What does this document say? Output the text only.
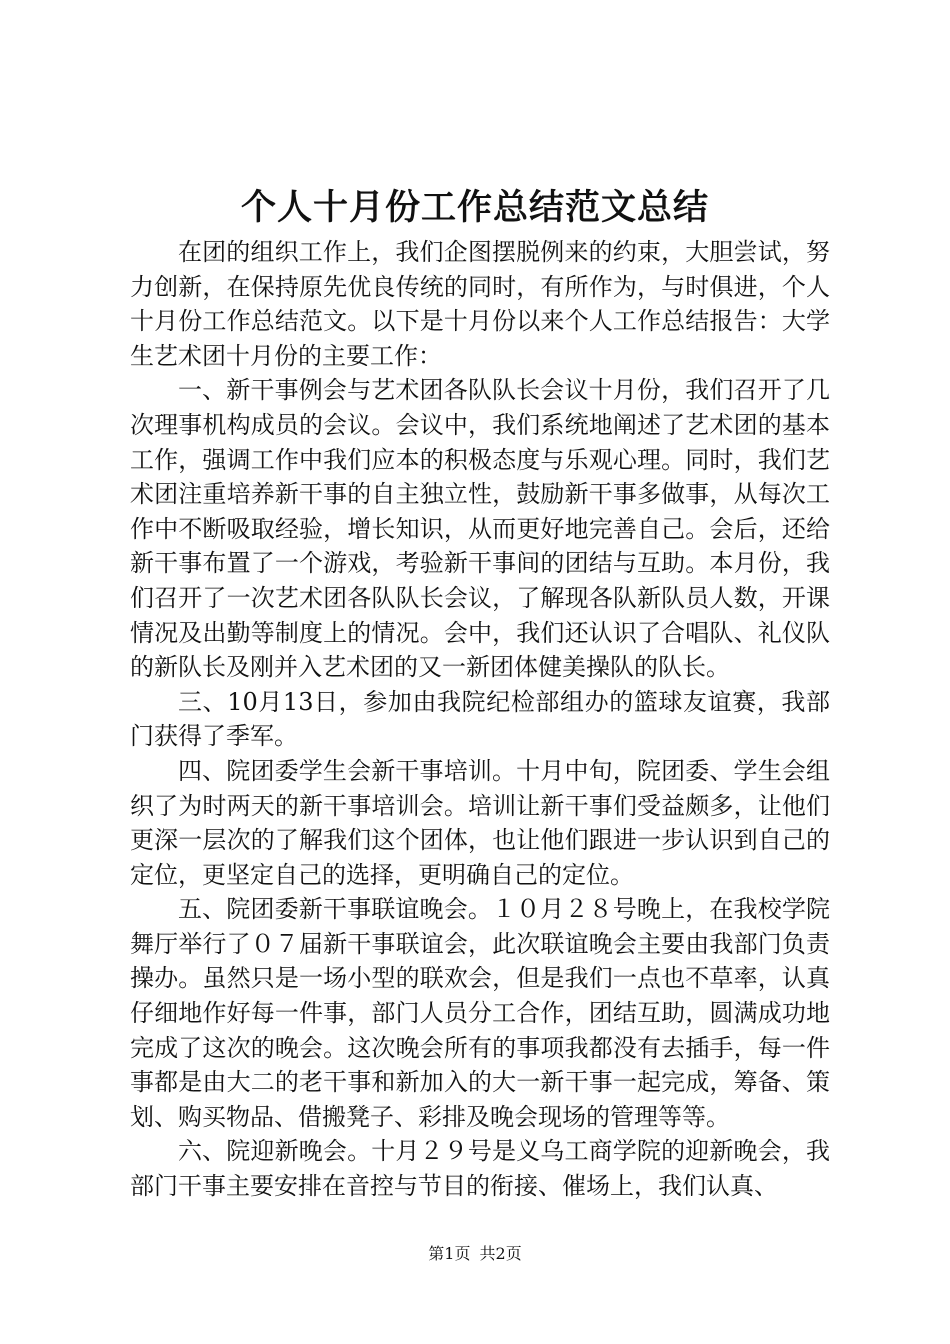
个人十月份工作总结范文总结

在团的组织工作上，我们企图摆脱例来的约束，大胆尝试，努力创新，在保持原先优良传统的同时，有所作为，与时俱进，个人十月份工作总结范文。以下是十月份以来个人工作总结报告：大学生艺术团十月份的主要工作：

一、新干事例会与艺术团各队队长会议十月份，我们召开了几次理事机构成员的会议。会议中，我们系统地阐述了艺术团的基本工作，强调工作中我们应本的积极态度与乐观心理。同时，我们艺术团注重培养新干事的自主独立性，鼓励新干事多做事，从每次工作中不断吸取经验，增长知识，从而更好地完善自己。会后，还给新干事布置了一个游戏，考验新干事间的团结与互助。本月份，我们召开了一次艺术团各队队长会议，了解现各队新队员人数，开课情况及出勤等制度上的情况。会中，我们还认识了合唱队、礼仪队的新队长及刚并入艺术团的又一新团体健美操队的队长。

三、10月13日，参加由我院纪检部组办的篮球友谊赛，我部门获得了季军。

四、院团委学生会新干事培训。十月中旬，院团委、学生会组织了为时两天的新干事培训会。培训让新干事们受益颇多，让他们更深一层次的了解我们这个团体，也让他们跟进一步认识到自己的定位，更坚定自己的选择，更明确自己的定位。

五、院团委新干事联谊晚会。１０月２８号晚上，在我校学院舞厅举行了０７届新干事联谊会，此次联谊晚会主要由我部门负责操办。虽然只是一场小型的联欢会，但是我们一点也不草率，认真仔细地作好每一件事，部门人员分工合作，团结互助，圆满成功地完成了这次的晚会。这次晚会所有的事项我都没有去插手，每一件事都是由大二的老干事和新加入的大一新干事一起完成，筹备、策划、购买物品、借搬凳子、彩排及晚会现场的管理等等。

六、院迎新晚会。十月２９号是义乌工商学院的迎新晚会，我部门干事主要安排在音控与节目的衔接、催场上，我们认真、

第1页 共2页
